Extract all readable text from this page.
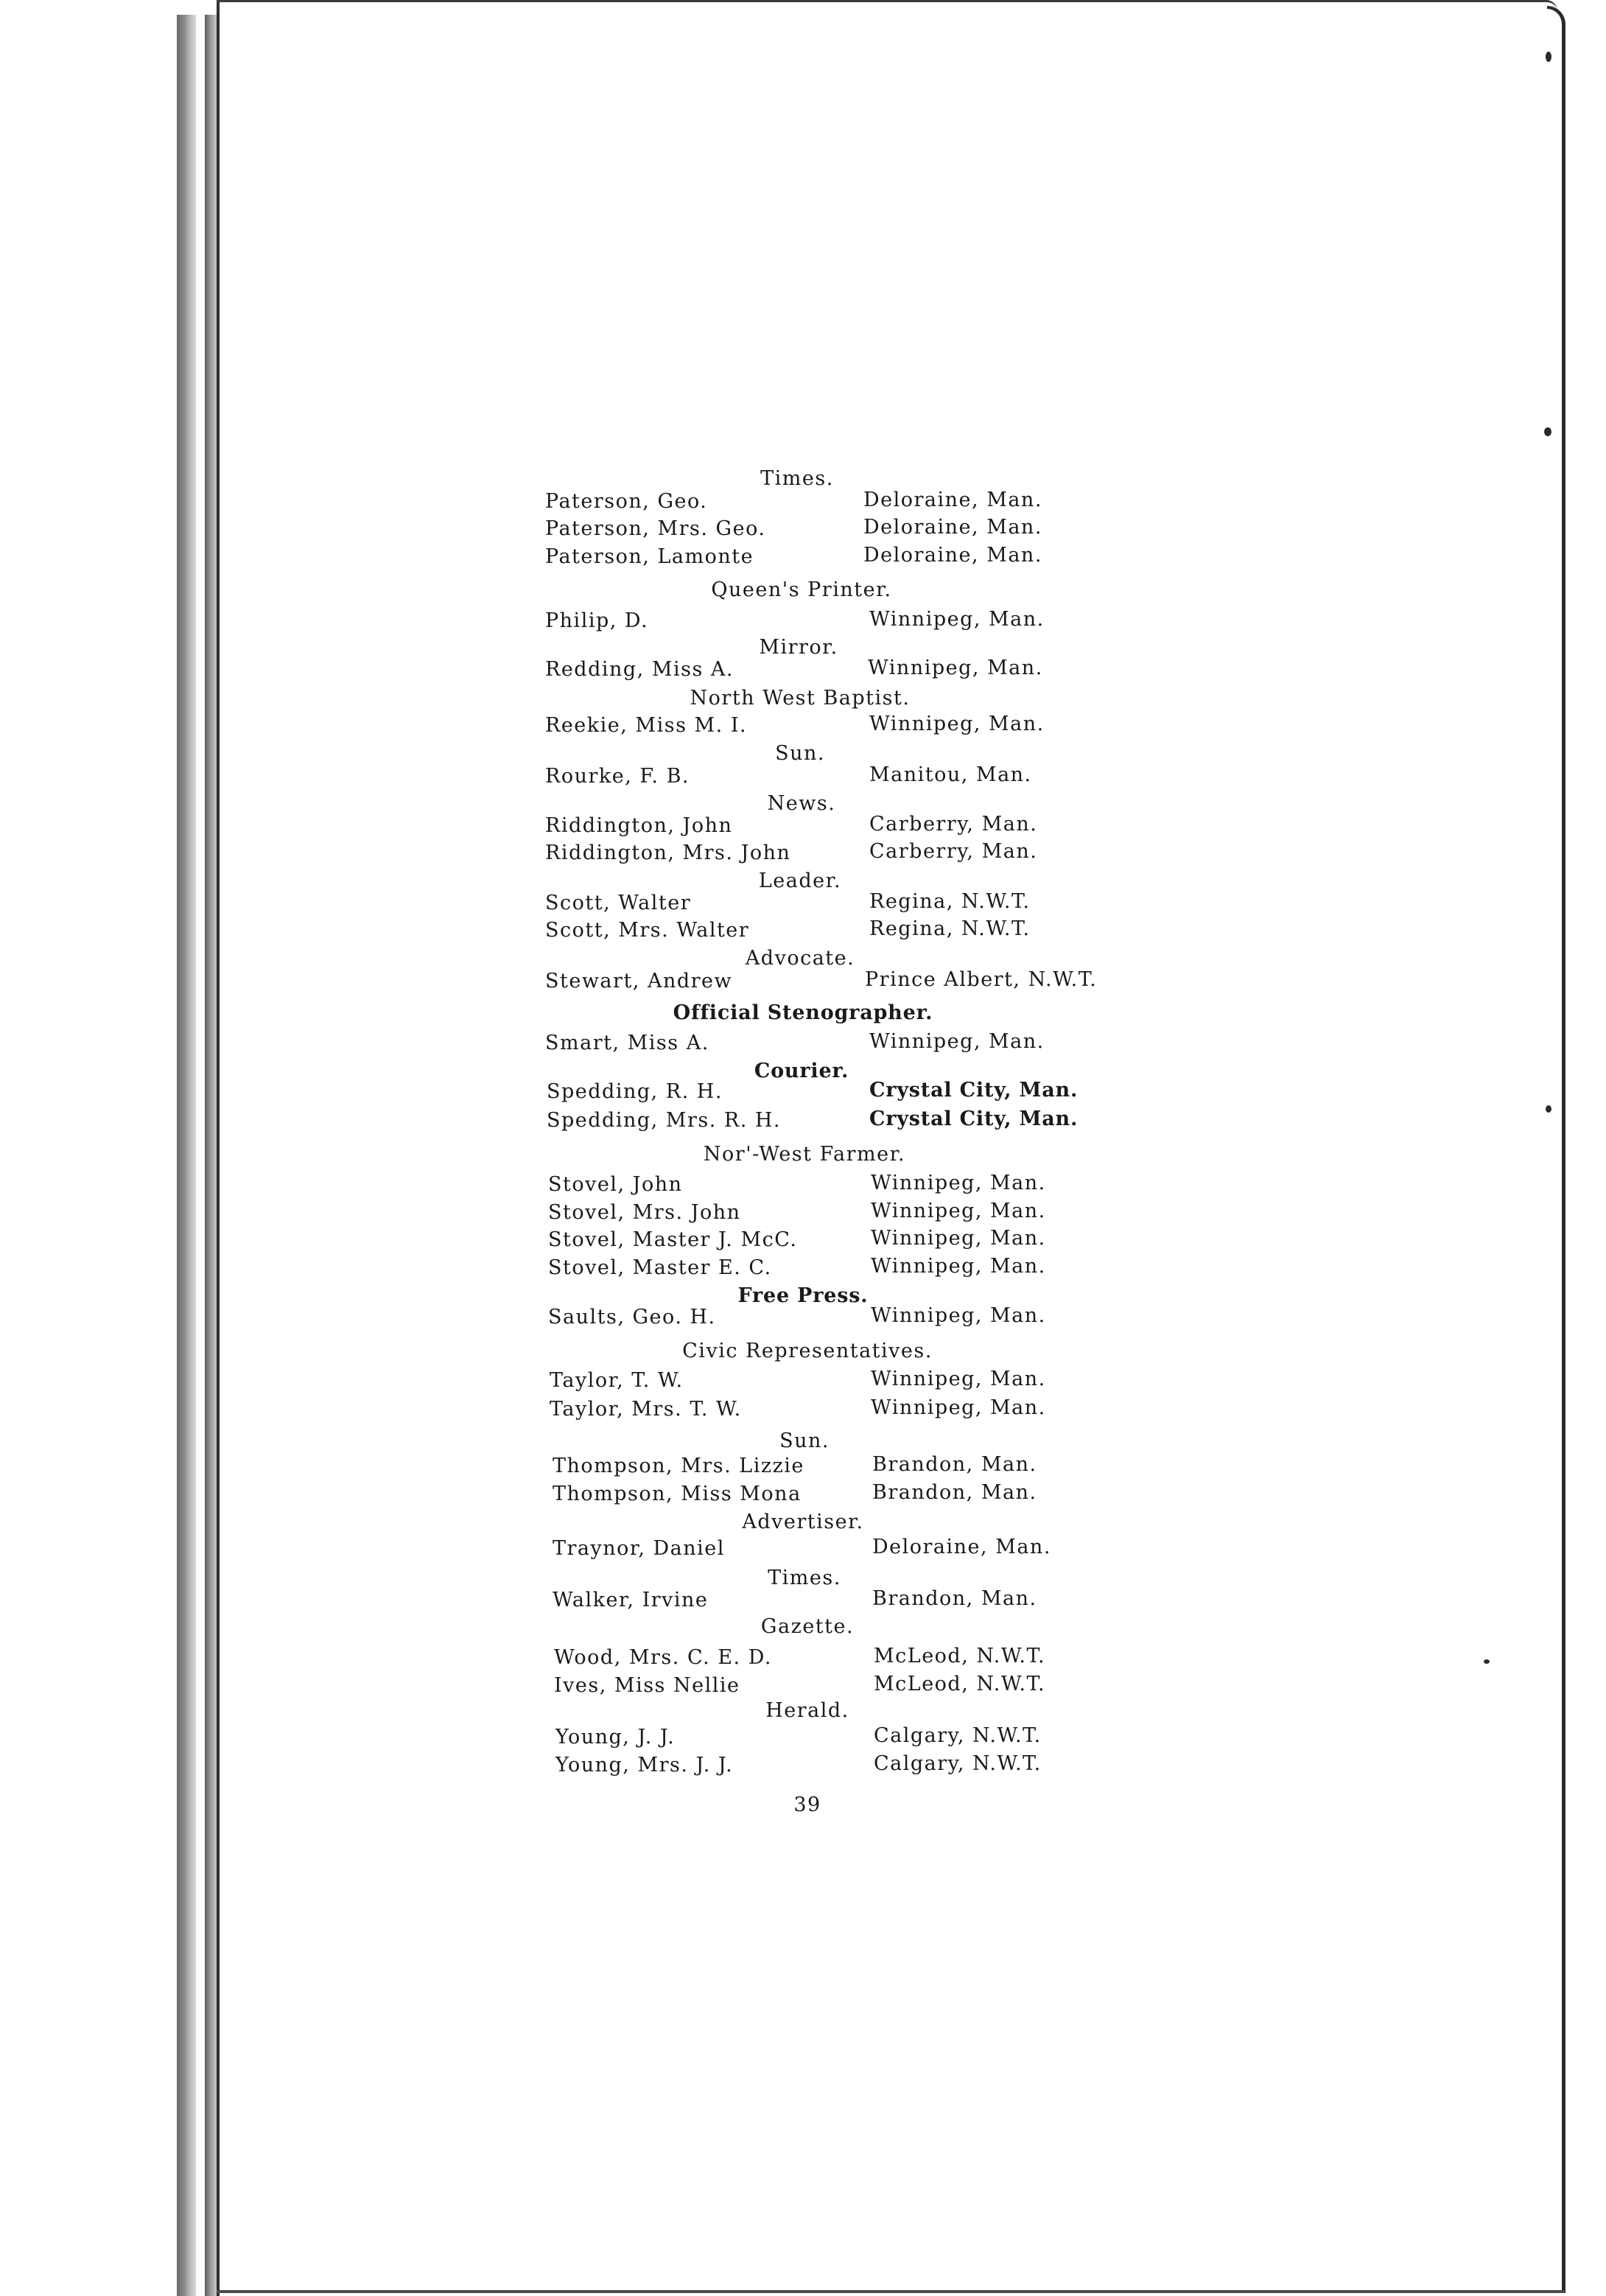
Times.
Paterson, Geo.	Deloraine, Man.
Paterson, Mrs. Geo.	Deloraine, Man.
Paterson, Lamonte	Deloraine, Man.
Queen's Printer.
Philip, D.	Winnipeg, Man.
Mirror.
Redding, Miss A.	Winnipeg, Man.
North West Baptist.
Reekie, Miss M. I.	Winnipeg, Man.
Sun.
Rourke, F. B.	Manitou, Man.
News.
Riddington, John	Carberry, Man.
Riddington, Mrs. John	Carberry, Man.
Leader.
Scott, Walter	Regina, N.W.T.
Scott, Mrs. Walter	Regina, N.W.T.
Advocate.
Stewart, Andrew	Prince Albert, N.W.T.
Official Stenographer.
Smart, Miss A.	Winnipeg, Man.
Courier.
Spedding, R. H.	Crystal City, Man.
Spedding, Mrs. R. H.	Crystal City, Man.
Nor'-West Farmer.
Stovel, John	Winnipeg, Man.
Stovel, Mrs. John	Winnipeg, Man.
Stovel, Master J. McC.	Winnipeg, Man.
Stovel, Master E. C.	Winnipeg, Man.
Free Press.
Saults, Geo. H.	Winnipeg, Man.
Civic Representatives.
Taylor, T. W.	Winnipeg, Man.
Taylor, Mrs. T. W.	Winnipeg, Man.
Sun.
Thompson, Mrs. Lizzie	Brandon, Man.
Thompson, Miss Mona	Brandon, Man.
Advertiser.
Traynor, Daniel	Deloraine, Man.
Times.
Walker, Irvine	Brandon, Man.
Gazette.
Wood, Mrs. C. E. D.	McLeod, N.W.T.
Ives, Miss Nellie	McLeod, N.W.T.
Herald.
Young, J. J.	Calgary, N.W.T.
Young, Mrs. J. J.	Calgary, N.W.T.
39
